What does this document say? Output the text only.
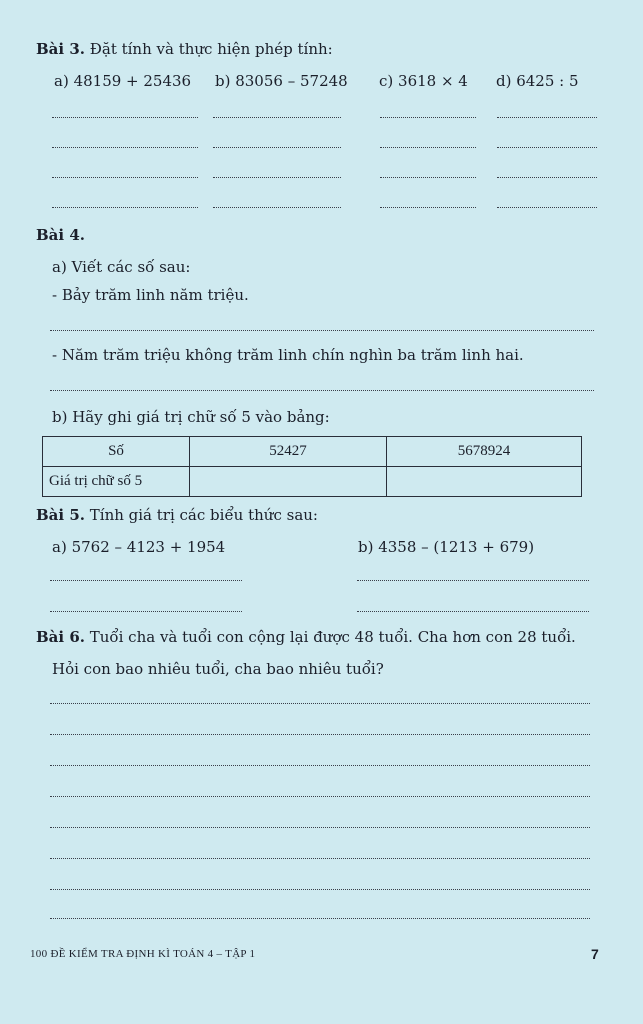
Bài 3. Đặt tính và thực hiện phép tính:
a) 48159 + 25436 b) 83056 – 57248 c) 3618 × 4 d) 6425 : 5
Bài 4.
a) Viết các số sau:
- Bảy trăm linh năm triệu.
- Năm trăm triệu không trăm linh chín nghìn ba trăm linh hai.
b) Hãy ghi giá trị chữ số 5 vào bảng:
Số	52427	5678924
Giá trị chữ số 5		
Bài 5. Tính giá trị các biểu thức sau:
a) 5762 – 4123 + 1954	b) 4358 – (1213 + 679)
Bài 6. Tuổi cha và tuổi con cộng lại được 48 tuổi. Cha hơn con 28 tuổi.
Hỏi con bao nhiêu tuổi, cha bao nhiêu tuổi?
100 ĐỀ KIỂM TRA ĐỊNH KÌ TOÁN 4 – TẬP 1	7
